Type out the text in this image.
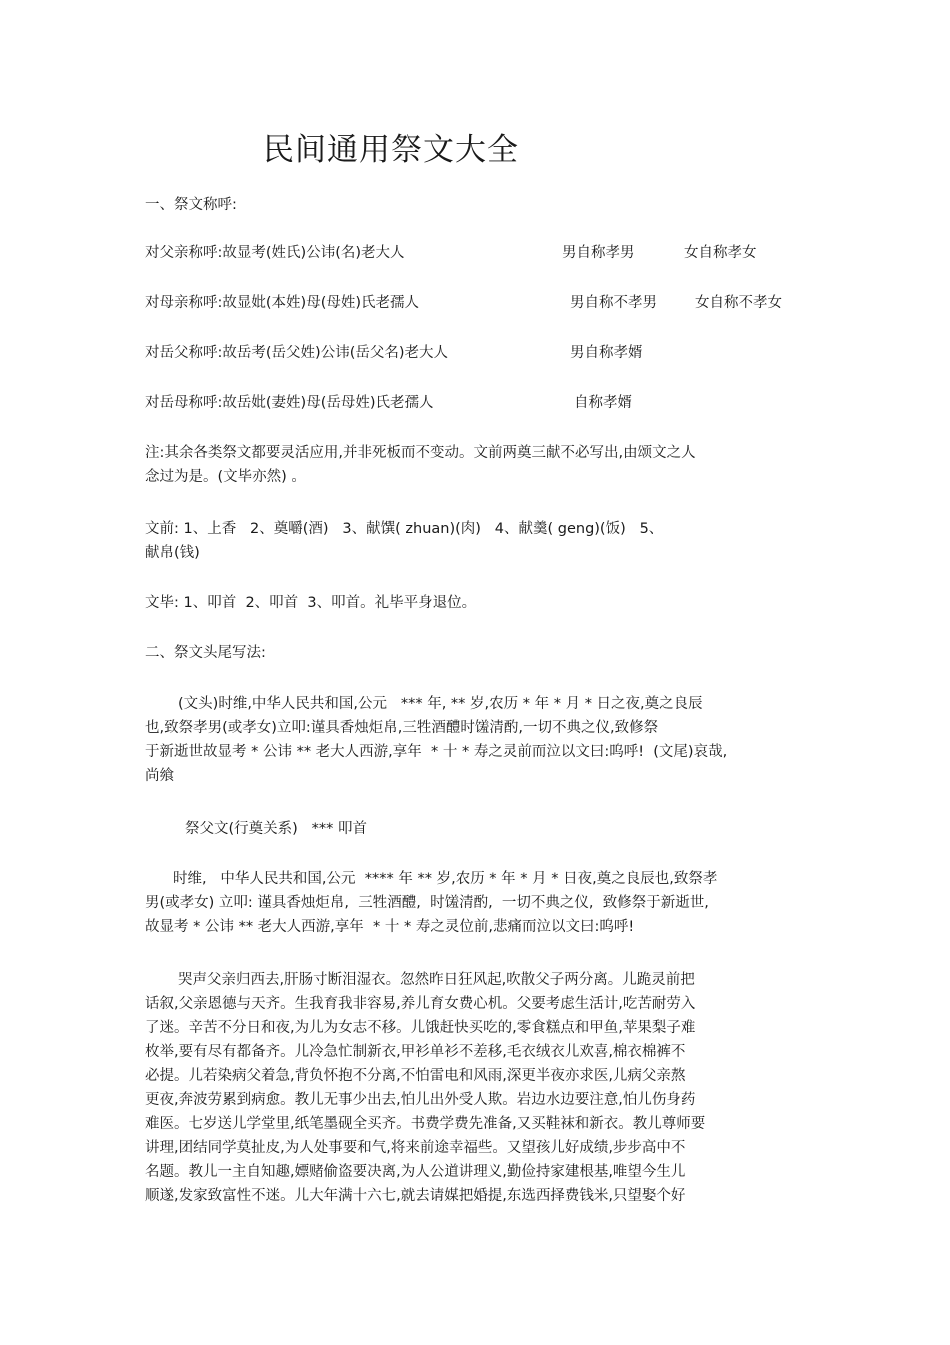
民间通用祭文大全

一、祭文称呼:

对父亲称呼:故显考(姓氏)公讳(名)老大人	男自称孝男	女自称孝女

对母亲称呼:故显妣(本姓)母(母姓)氏老孺人	男自称不孝男	女自称不孝女

对岳父称呼:故岳考(岳父姓)公讳(岳父名)老大人	男自称孝婿

对岳母称呼:故岳妣(妻姓)母(岳母姓)氏老孺人	自称孝婿

注:其余各类祭文都要灵活应用,并非死板而不变动。文前两奠三献不必写出,由颂文之人

念过为是。(文毕亦然) 。

文前: 1、上香   2、奠嚼(酒)   3、献馔( zhuan)(肉)   4、献羹( geng)(饭)   5、

献帛(钱)

文毕: 1、叩首  2、叩首  3、叩首。礼毕平身退位。

二、祭文头尾写法:

(文头)时维,中华人民共和国,公元   *** 年, ** 岁,农历 * 年 * 月 * 日之夜,奠之良辰

也,致祭孝男(或孝女)立叩:谨具香烛炬帛,三牲酒醴时馐清酌,一切不典之仪,致修祭

于新逝世故显考 * 公讳 ** 老大人西游,享年  * 十 * 寿之灵前而泣以文曰:呜呼!  (文尾)哀哉,

尚飨

祭父文(行奠关系)   *** 叩首

时维,   中华人民共和国,公元  **** 年 ** 岁,农历 * 年 * 月 * 日夜,奠之良辰也,致祭孝

男(或孝女) 立叩: 谨具香烛炬帛,  三牲酒醴,  时馐清酌,  一切不典之仪,  致修祭于新逝世,

故显考 * 公讳 ** 老大人西游,享年  * 十 * 寿之灵位前,悲痛而泣以文曰:呜呼!

哭声父亲归西去,肝肠寸断泪湿衣。忽然昨日狂风起,吹散父子两分离。儿跪灵前把

话叙,父亲恩德与天齐。生我育我非容易,养儿育女费心机。父要考虑生活计,吃苦耐劳入

了迷。辛苦不分日和夜,为儿为女志不移。儿饿赶快买吃的,零食糕点和甲鱼,苹果梨子难

枚举,要有尽有都备齐。儿冷急忙制新衣,甲衫单衫不差移,毛衣绒衣儿欢喜,棉衣棉裤不

必提。儿若染病父着急,背负怀抱不分离,不怕雷电和风雨,深更半夜亦求医,儿病父亲熬

更夜,奔波劳累到病愈。教儿无事少出去,怕儿出外受人欺。岩边水边要注意,怕儿伤身药

难医。七岁送儿学堂里,纸笔墨砚全买齐。书费学费先准备,又买鞋袜和新衣。教儿尊师要

讲理,团结同学莫扯皮,为人处事要和气,将来前途幸福些。又望孩儿好成绩,步步高中不

名题。教儿一主自知趣,嫖赌偷盗要决离,为人公道讲理义,勤俭持家建根基,唯望今生儿

顺遂,发家致富性不迷。儿大年满十六七,就去请媒把婚提,东选西择费钱米,只望娶个好
